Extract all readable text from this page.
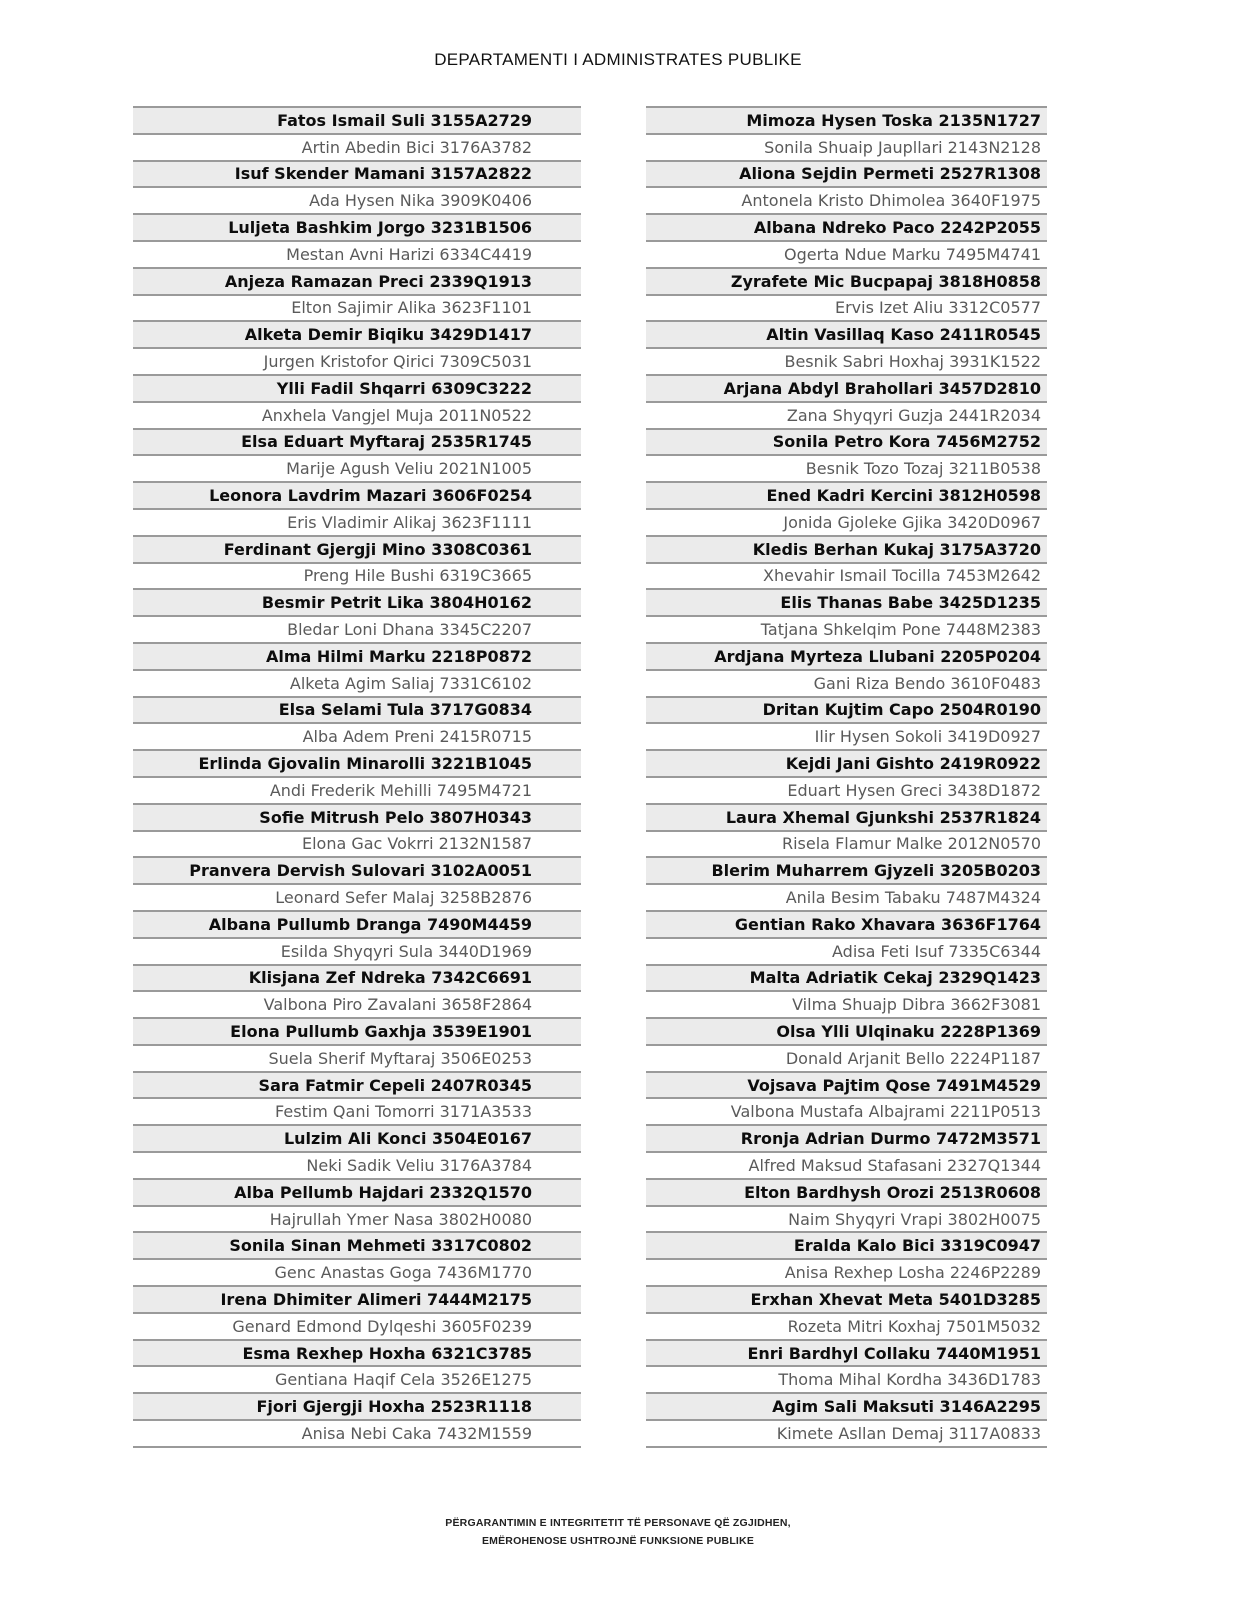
DEPARTAMENTI I ADMINISTRATES PUBLIKE
Fatos Ismail Suli 3155A2729
Artin Abedin Bici 3176A3782
Isuf Skender Mamani 3157A2822
Ada Hysen Nika 3909K0406
Luljeta Bashkim Jorgo 3231B1506
Mestan Avni Harizi 6334C4419
Anjeza Ramazan Preci 2339Q1913
Elton Sajimir Alika 3623F1101
Alketa Demir Biqiku 3429D1417
Jurgen Kristofor Qirici 7309C5031
Ylli Fadil Shqarri 6309C3222
Anxhela Vangjel Muja 2011N0522
Elsa Eduart Myftaraj 2535R1745
Marije Agush Veliu 2021N1005
Leonora Lavdrim Mazari 3606F0254
Eris Vladimir Alikaj 3623F1111
Ferdinant Gjergji Mino 3308C0361
Preng Hile Bushi 6319C3665
Besmir Petrit Lika 3804H0162
Bledar Loni Dhana 3345C2207
Alma Hilmi Marku 2218P0872
Alketa Agim Saliaj 7331C6102
Elsa Selami Tula 3717G0834
Alba Adem Preni 2415R0715
Erlinda Gjovalin Minarolli 3221B1045
Andi Frederik Mehilli 7495M4721
Sofie Mitrush Pelo 3807H0343
Elona Gac Vokrri 2132N1587
Pranvera Dervish Sulovari 3102A0051
Leonard Sefer Malaj 3258B2876
Albana Pullumb Dranga 7490M4459
Esilda Shyqyri Sula 3440D1969
Klisjana Zef Ndreka 7342C6691
Valbona Piro Zavalani 3658F2864
Elona Pullumb Gaxhja 3539E1901
Suela Sherif Myftaraj 3506E0253
Sara Fatmir Cepeli 2407R0345
Festim Qani Tomorri 3171A3533
Lulzim Ali Konci 3504E0167
Neki Sadik Veliu 3176A3784
Alba Pellumb Hajdari 2332Q1570
Hajrullah Ymer Nasa 3802H0080
Sonila Sinan Mehmeti 3317C0802
Genc Anastas Goga 7436M1770
Irena Dhimiter Alimeri 7444M2175
Genard Edmond Dylqeshi 3605F0239
Esma Rexhep Hoxha 6321C3785
Gentiana Haqif Cela 3526E1275
Fjori Gjergji Hoxha 2523R1118
Anisa Nebi Caka 7432M1559
Mimoza Hysen Toska 2135N1727
Sonila Shuaip Jaupllari 2143N2128
Aliona Sejdin Permeti 2527R1308
Antonela Kristo Dhimolea 3640F1975
Albana Ndreko Paco 2242P2055
Ogerta Ndue Marku 7495M4741
Zyrafete Mic Bucpapaj 3818H0858
Ervis Izet Aliu 3312C0577
Altin Vasillaq Kaso 2411R0545
Besnik Sabri Hoxhaj 3931K1522
Arjana Abdyl Brahollari 3457D2810
Zana Shyqyri Guzja 2441R2034
Sonila Petro Kora 7456M2752
Besnik Tozo Tozaj 3211B0538
Ened Kadri Kercini 3812H0598
Jonida Gjoleke Gjika 3420D0967
Kledis Berhan Kukaj 3175A3720
Xhevahir Ismail Tocilla 7453M2642
Elis Thanas Babe 3425D1235
Tatjana Shkelqim Pone 7448M2383
Ardjana Myrteza Llubani 2205P0204
Gani Riza Bendo 3610F0483
Dritan Kujtim Capo 2504R0190
Ilir Hysen Sokoli 3419D0927
Kejdi Jani Gishto 2419R0922
Eduart Hysen Greci 3438D1872
Laura Xhemal Gjunkshi 2537R1824
Risela Flamur Malke 2012N0570
Blerim Muharrem Gjyzeli 3205B0203
Anila Besim Tabaku 7487M4324
Gentian Rako Xhavara 3636F1764
Adisa Feti Isuf 7335C6344
Malta Adriatik Cekaj 2329Q1423
Vilma Shuajp Dibra 3662F3081
Olsa Ylli Ulqinaku 2228P1369
Donald Arjanit Bello 2224P1187
Vojsava Pajtim Qose 7491M4529
Valbona Mustafa Albajrami 2211P0513
Rronja Adrian Durmo 7472M3571
Alfred Maksud Stafasani 2327Q1344
Elton Bardhysh Orozi 2513R0608
Naim Shyqyri Vrapi 3802H0075
Eralda Kalo Bici 3319C0947
Anisa Rexhep Losha 2246P2289
Erxhan Xhevat Meta 5401D3285
Rozeta Mitri Koxhaj 7501M5032
Enri Bardhyl Collaku 7440M1951
Thoma Mihal Kordha 3436D1783
Agim Sali Maksuti 3146A2295
Kimete Asllan Demaj 3117A0833
PËRGARANTIMIN E INTEGRITETIT TË PERSONAVE QË ZGJIDHEN,
EMËROHENOSE USHTROJNË FUNKSIONE PUBLIKE
